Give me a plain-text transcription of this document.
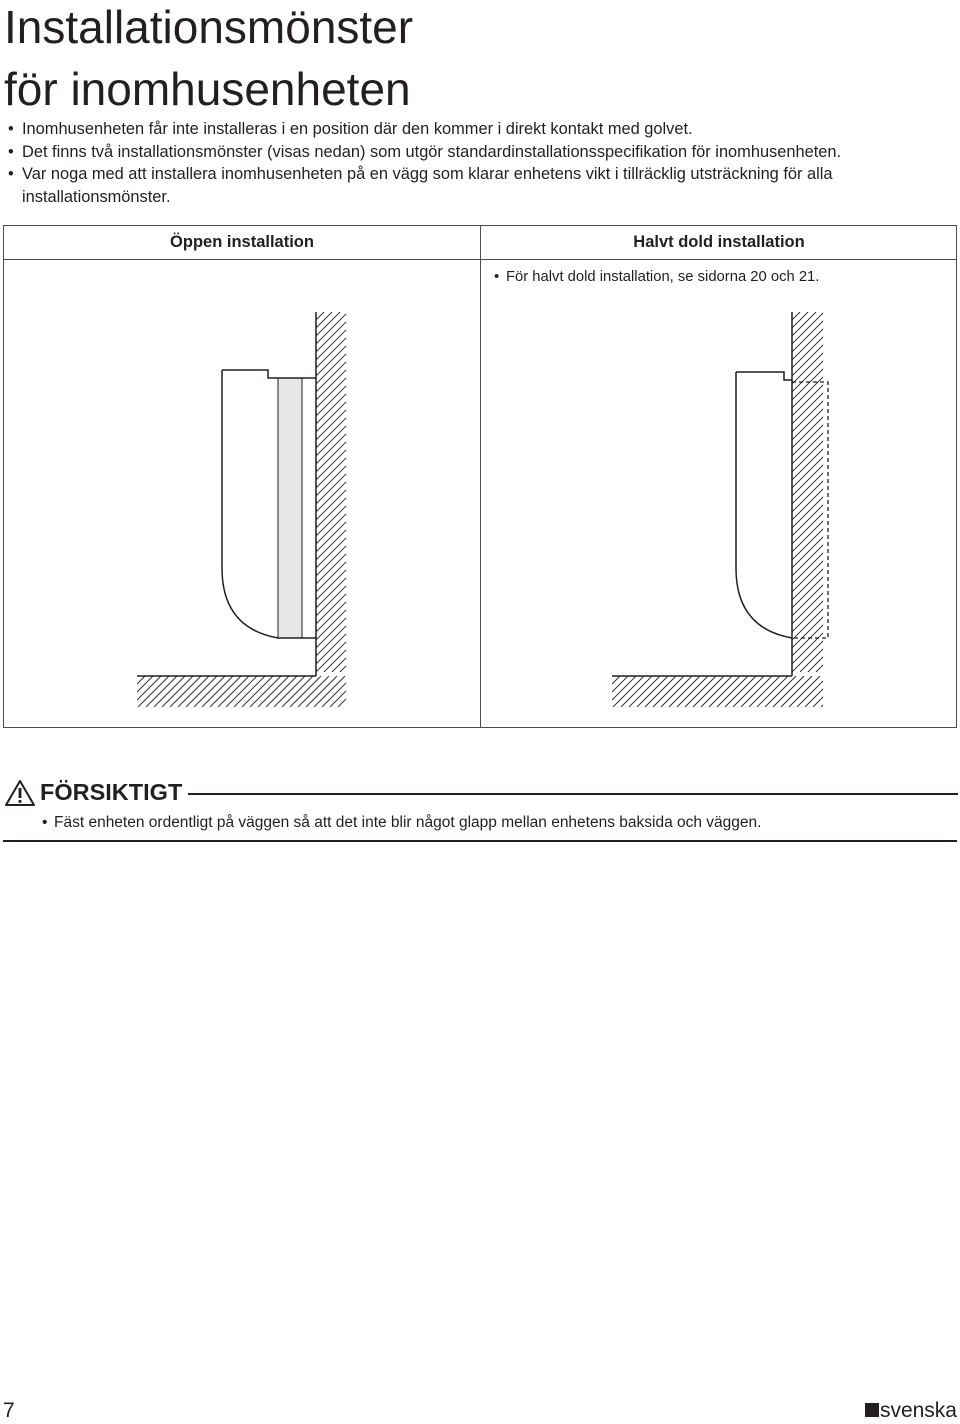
Installationsmönster
för inomhusenheten
• Inomhusenheten får inte installeras i en position där den kommer i direkt kontakt med golvet.
• Det finns två installationsmönster (visas nedan) som utgör standardinstallationsspecifikation för inomhusenheten.
• Var noga med att installera inomhusenheten på en vägg som klarar enhetens vikt i tillräcklig utsträckning för alla installationsmönster.
Öppen installation	Halvt dold installation
• För halvt dold installation, se sidorna 20 och 21.
FÖRSIKTIGT
• Fäst enheten ordentligt på väggen så att det inte blir något glapp mellan enhetens baksida och väggen.
7	svenska
